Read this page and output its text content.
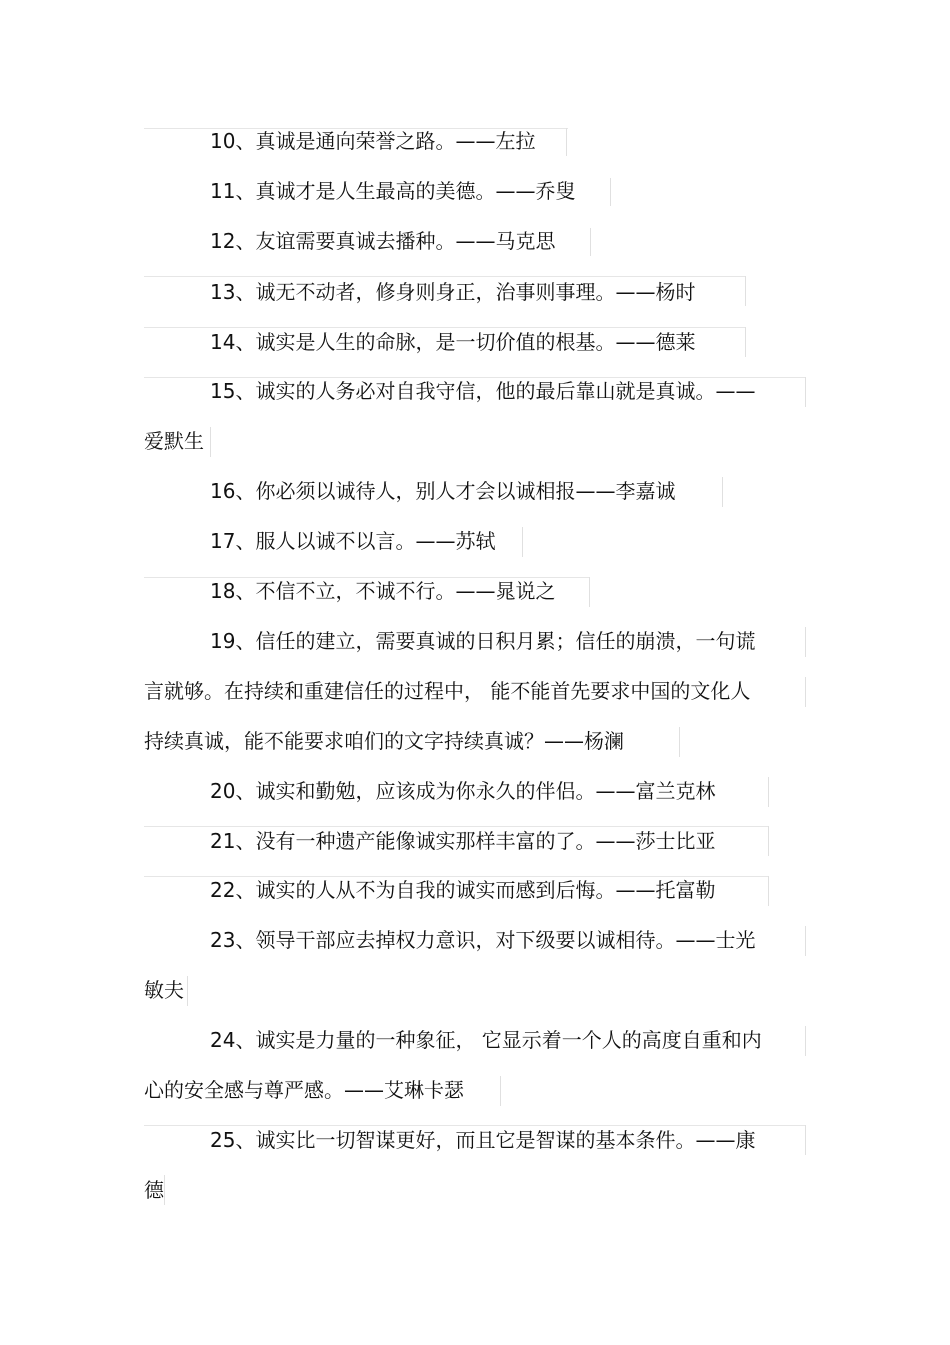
10、真诚是通向荣誉之路。——左拉
11、真诚才是人生最高的美德。——乔叟
12、友谊需要真诚去播种。——马克思
13、诚无不动者，修身则身正，治事则事理。——杨时
14、诚实是人生的命脉，是一切价值的根基。——德莱
15、诚实的人务必对自我守信，他的最后靠山就是真诚。——
爱默生
16、你必须以诚待人，别人才会以诚相报——李嘉诚
17、服人以诚不以言。——苏轼
18、不信不立，不诚不行。——晁说之
19、信任的建立，需要真诚的日积月累；信任的崩溃，一句谎
言就够。在持续和重建信任的过程中， 能不能首先要求中国的文化人
持续真诚，能不能要求咱们的文字持续真诚？——杨澜
20、诚实和勤勉，应该成为你永久的伴侣。——富兰克林
21、没有一种遗产能像诚实那样丰富的了。——莎士比亚
22、诚实的人从不为自我的诚实而感到后悔。——托富勒
23、领导干部应去掉权力意识，对下级要以诚相待。——士光
敏夫
24、诚实是力量的一种象征， 它显示着一个人的高度自重和内
心的安全感与尊严感。——艾琳卡瑟
25、诚实比一切智谋更好，而且它是智谋的基本条件。——康
德
